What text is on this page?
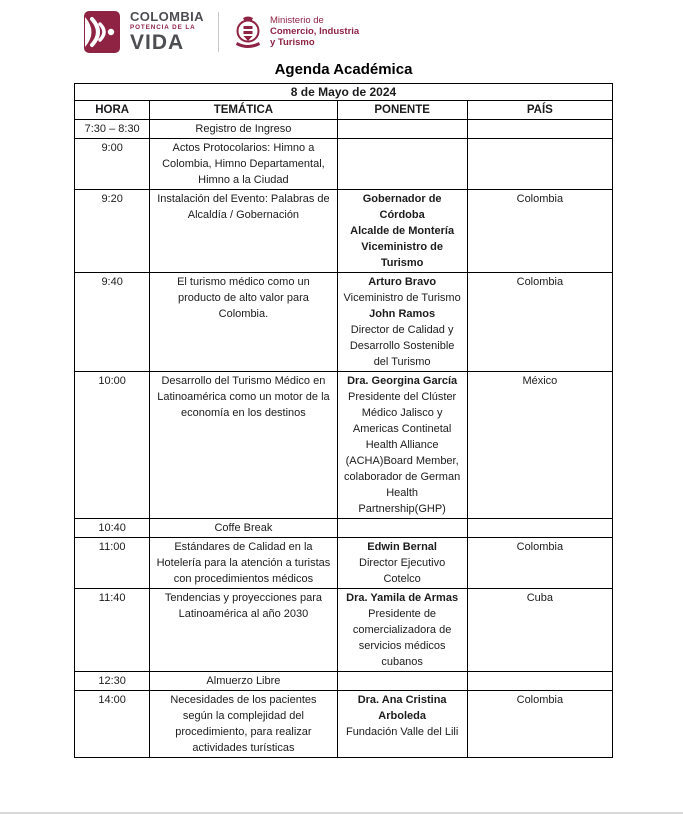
COLOMBIA
POTENCIA DE LA
VIDA
Ministerio de
Comercio, Industria
y Turismo
Agenda Académica
8 de Mayo de 2024			
HORA	TEMÁTICA	PONENTE	PAÍS
7:30 – 8:30	Registro de Ingreso		
9:00	Actos Protocolarios: Himno a Colombia, Himno Departamental, Himno a la Ciudad		
9:20	Instalación del Evento: Palabras de Alcaldía / Gobernación	Gobernador de Córdoba
Alcalde de Montería
Viceministro de Turismo	Colombia
9:40	El turismo médico como un producto de alto valor para Colombia.	Arturo Bravo
Viceministro de Turismo
John Ramos
Director de Calidad y Desarrollo Sostenible del Turismo	Colombia
10:00	Desarrollo del Turismo Médico en Latinoamérica como un motor de la economía en los destinos	Dra. Georgina García
Presidente del Clúster Médico Jalisco y Americas Continetal Health Alliance (ACHA)Board Member, colaborador de German Health Partnership(GHP)	México
10:40	Coffe Break		
11:00	Estándares de Calidad en la Hotelería para la atención a turistas con procedimientos médicos	Edwin Bernal
Director Ejecutivo Cotelco	Colombia
11:40	Tendencias y proyecciones para Latinoamérica al año 2030	Dra. Yamila de Armas
Presidente de comercializadora de servicios médicos cubanos	Cuba
12:30	Almuerzo Libre		
14:00	Necesidades de los pacientes según la complejidad del procedimiento, para realizar actividades turísticas	Dra. Ana Cristina Arboleda
Fundación Valle del Lili	Colombia
